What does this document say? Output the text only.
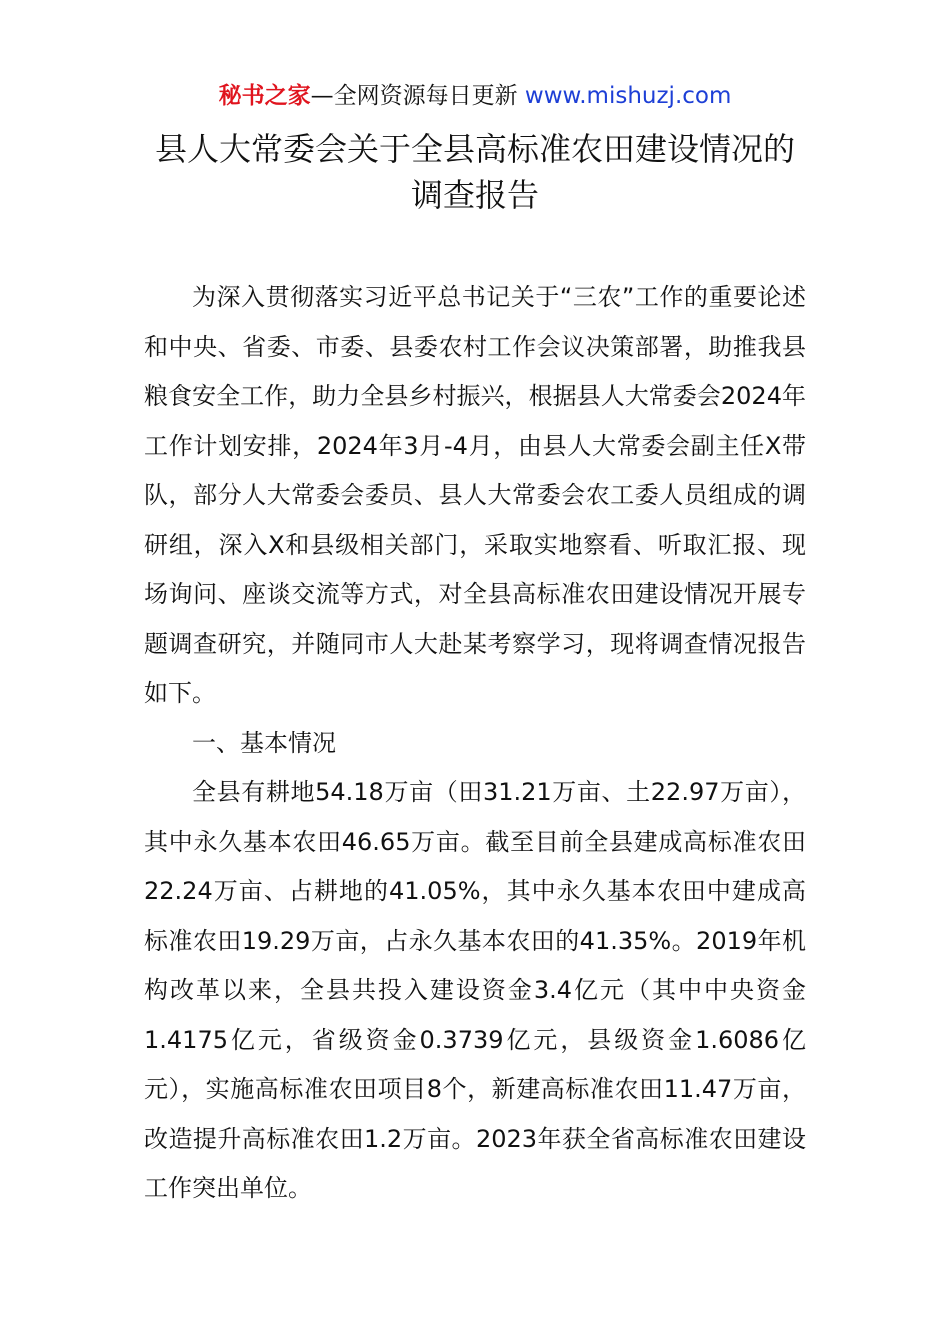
秘书之家—全网资源每日更新 www.mishuzj.com
县人大常委会关于全县高标准农田建设情况的
调查报告

为深入贯彻落实习近平总书记关于“三农”工作的重要论述和中央、省委、市委、县委农村工作会议决策部署，助推我县粮食安全工作，助力全县乡村振兴，根据县人大常委会2024年工作计划安排，2024年3月-4月，由县人大常委会副主任X带队，部分人大常委会委员、县人大常委会农工委人员组成的调研组，深入X和县级相关部门，采取实地察看、听取汇报、现场询问、座谈交流等方式，对全县高标准农田建设情况开展专题调查研究，并随同市人大赴某考察学习，现将调查情况报告如下。

一、基本情况

全县有耕地54.18万亩（田31.21万亩、土22.97万亩），其中永久基本农田46.65万亩。截至目前全县建成高标准农田22.24万亩、占耕地的41.05%，其中永久基本农田中建成高标准农田19.29万亩，占永久基本农田的41.35%。2019年机构改革以来，全县共投入建设资金3.4亿元（其中中央资金1.4175亿元，省级资金0.3739亿元，县级资金1.6086亿元），实施高标准农田项目8个，新建高标准农田11.47万亩，改造提升高标准农田1.2万亩。2023年获全省高标准农田建设工作突出单位。
